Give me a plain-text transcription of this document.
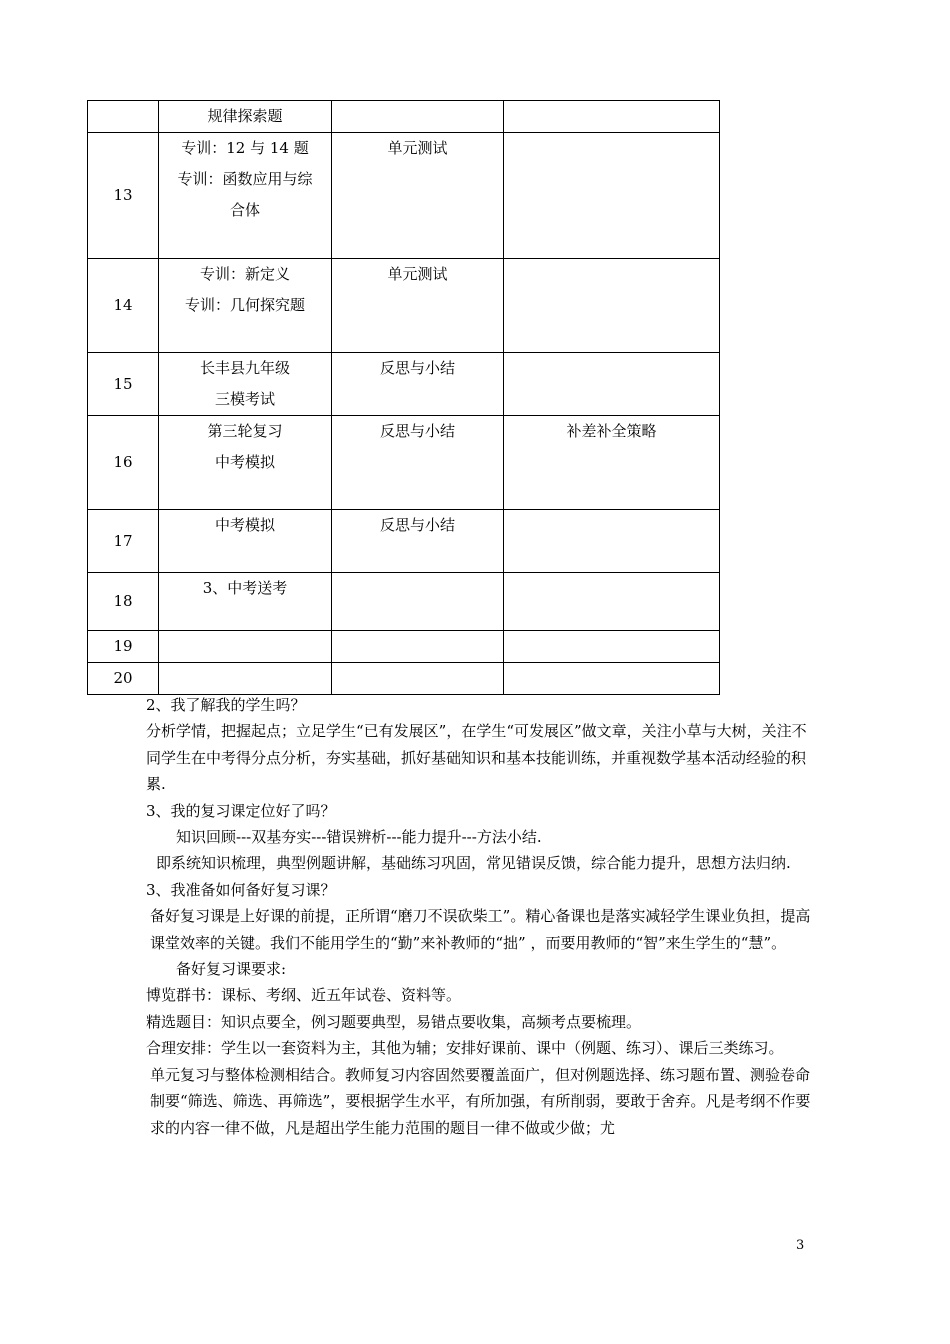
	规律探索题		

13	专训：12 与 14 题
专训：函数应用与综
合体	单元测试	
14	专训：新定义
专训：几何探究题	单元测试	
15	长丰县九年级
三模考试	反思与小结	
16	第三轮复习
中考模拟	反思与小结	补差补全策略
17	中考模拟	反思与小结	
18	3、中考送考		

19	

20	

2、我了解我的学生吗？

分析学情，把握起点；立足学生“已有发展区”，在学生“可发展区”做文章，关注小草与大树，关注不同学生在中考得分点分析，夯实基础，抓好基础知识和基本技能训练，并重视数学基本活动经验的积累.

3、我的复习课定位好了吗？

知识回顾---双基夯实---错误辨析---能力提升---方法小结.

即系统知识梳理，典型例题讲解，基础练习巩固，常见错误反馈，综合能力提升，思想方法归纳.

3、我准备如何备好复习课？

备好复习课是上好课的前提，正所谓“磨刀不误砍柴工”。精心备课也是落实减轻学生课业负担，提高课堂效率的关键。我们不能用学生的“勤”来补教师的“拙” ，而要用教师的“智”来生学生的“慧”。

备好复习课要求:

博览群书：课标、考纲、近五年试卷、资料等。

精选题目：知识点要全，例习题要典型，易错点要收集，高频考点要梳理。

合理安排：学生以一套资料为主，其他为辅；安排好课前、课中（例题、练习）、课后三类练习。

单元复习与整体检测相结合。教师复习内容固然要覆盖面广，但对例题选择、练习题布置、测验卷命制要“筛选、筛选、再筛选”，要根据学生水平，有所加强，有所削弱，要敢于舍弃。凡是考纲不作要求的内容一律不做，凡是超出学生能力范围的题目一律不做或少做；尤

3
